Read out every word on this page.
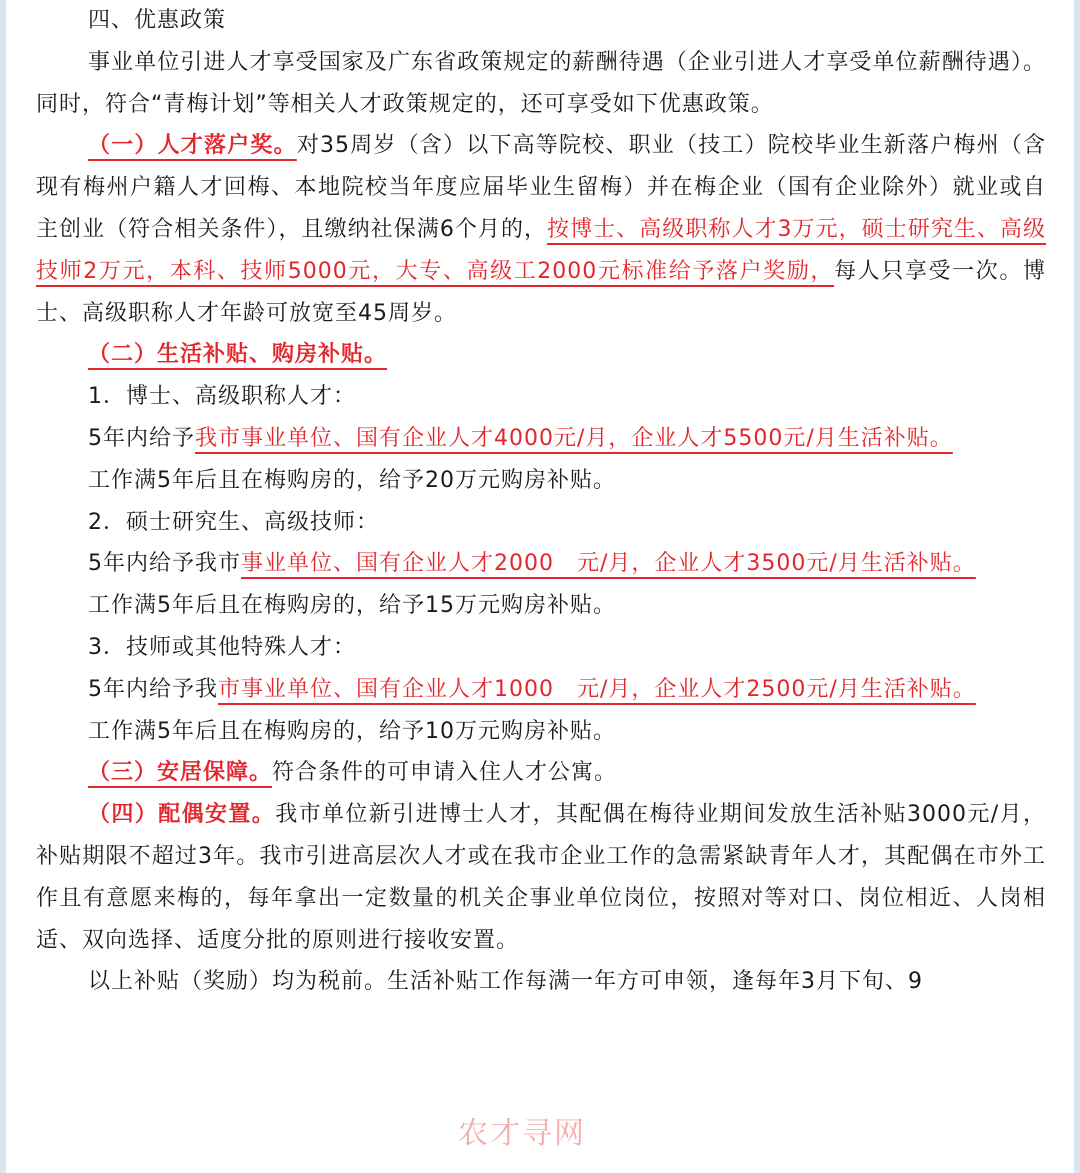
四、优惠政策

事业单位引进人才享受国家及广东省政策规定的薪酬待遇（企业引进人才享受单位薪酬待遇）。同时，符合“青梅计划”等相关人才政策规定的，还可享受如下优惠政策。

（一）人才落户奖。对35周岁（含）以下高等院校、职业（技工）院校毕业生新落户梅州（含现有梅州户籍人才回梅、本地院校当年度应届毕业生留梅）并在梅企业（国有企业除外）就业或自主创业（符合相关条件），且缴纳社保满6个月的，按博士、高级职称人才3万元，硕士研究生、高级技师2万元，本科、技师5000元，大专、高级工2000元标准给予落户奖励，每人只享受一次。博士、高级职称人才年龄可放宽至45周岁。

（二）生活补贴、购房补贴。

1．博士、高级职称人才：

5年内给予我市事业单位、国有企业人才4000元/月，企业人才5500元/月生活补贴。

工作满5年后且在梅购房的，给予20万元购房补贴。

2．硕士研究生、高级技师：

5年内给予我市事业单位、国有企业人才2000　元/月，企业人才3500元/月生活补贴。

工作满5年后且在梅购房的，给予15万元购房补贴。

3．技师或其他特殊人才：

5年内给予我市事业单位、国有企业人才1000　元/月，企业人才2500元/月生活补贴。

工作满5年后且在梅购房的，给予10万元购房补贴。

（三）安居保障。符合条件的可申请入住人才公寓。

（四）配偶安置。我市单位新引进博士人才，其配偶在梅待业期间发放生活补贴3000元/月，补贴期限不超过3年。我市引进高层次人才或在我市企业工作的急需紧缺青年人才，其配偶在市外工作且有意愿来梅的，每年拿出一定数量的机关企事业单位岗位，按照对等对口、岗位相近、人岗相适、双向选择、适度分批的原则进行接收安置。

以上补贴（奖励）均为税前。生活补贴工作每满一年方可申领，逢每年3月下旬、9

农才寻网
